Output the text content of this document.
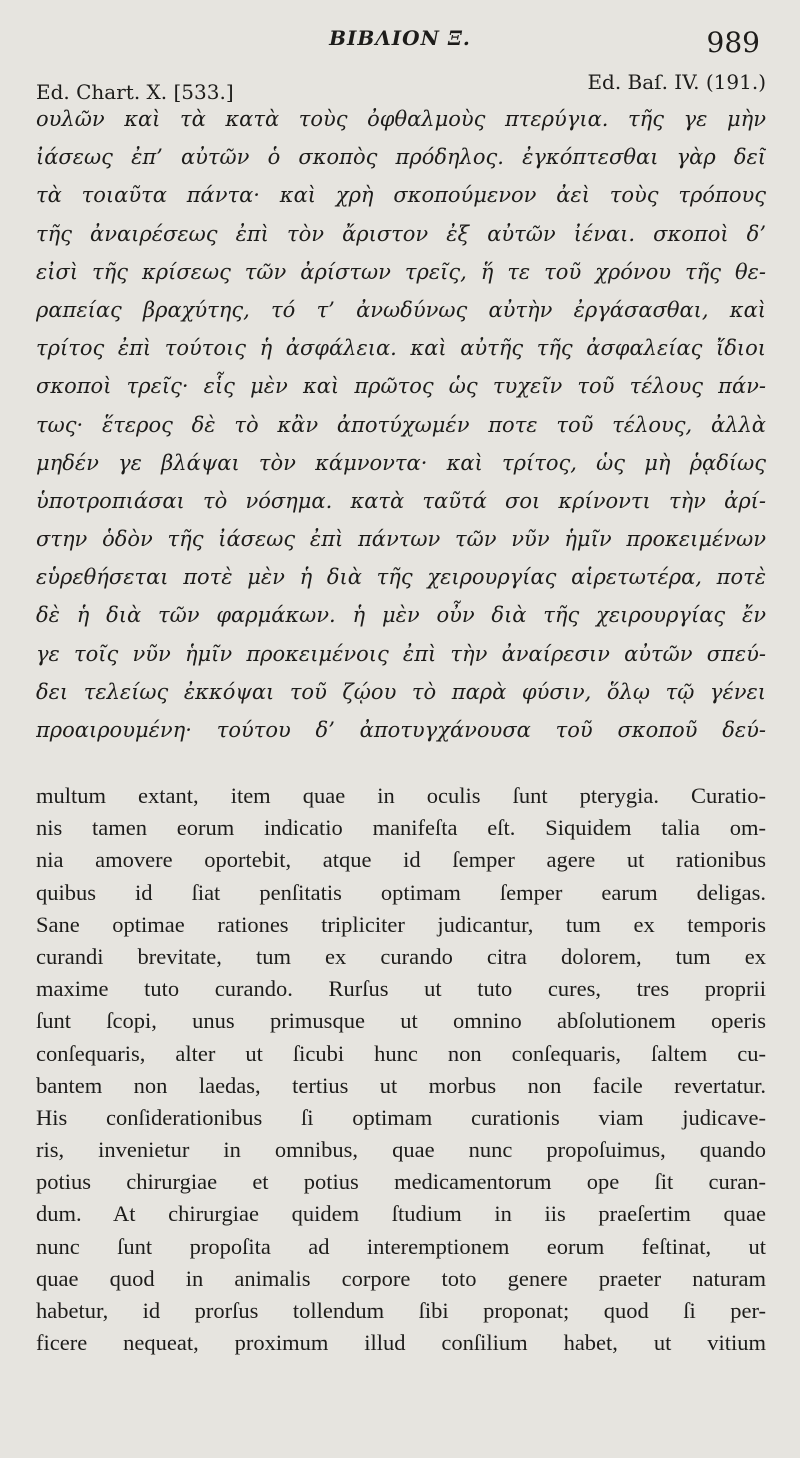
ΒΙΒΛΙΟΝ Ξ.	989
Ed. Chart. X. [533.]	Ed. Baſ. IV. (191.)
ουλῶν καὶ τὰ κατὰ τοὺς ὀφθαλμοὺς πτερύγια. τῆς γε μὴν
ἰάσεως ἐπ’ αὐτῶν ὁ σκοπὸς πρόδηλος. ἐγκόπτεσθαι γὰρ δεῖ
τὰ τοιαῦτα πάντα· καὶ χρὴ σκοπούμενον ἀεὶ τοὺς τρόπους
τῆς ἀναιρέσεως ἐπὶ τὸν ἄριστον ἐξ αὐτῶν ἰέναι. σκοποὶ δ’
εἰσὶ τῆς κρίσεως τῶν ἀρίστων τρεῖς, ἥ τε τοῦ χρόνου τῆς θε-
ραπείας βραχύτης, τό τ’ ἀνωδύνως αὐτὴν ἐργάσασθαι, καὶ
τρίτος ἐπὶ τούτοις ἡ ἀσφάλεια. καὶ αὐτῆς τῆς ἀσφαλείας ἴδιοι
σκοποὶ τρεῖς· εἷς μὲν καὶ πρῶτος ὡς τυχεῖν τοῦ τέλους πάν-
τως· ἕτερος δὲ τὸ κἂν ἀποτύχωμέν ποτε τοῦ τέλους, ἀλλὰ
μηδέν γε βλάψαι τὸν κάμνοντα· καὶ τρίτος, ὡς μὴ ῥᾳδίως
ὑποτροπιάσαι τὸ νόσημα. κατὰ ταῦτά σοι κρίνοντι τὴν ἀρί-
στην ὁδὸν τῆς ἰάσεως ἐπὶ πάντων τῶν νῦν ἡμῖν προκειμένων
εὑρεθήσεται ποτὲ μὲν ἡ διὰ τῆς χειρουργίας αἱρετωτέρα, ποτὲ
δὲ ἡ διὰ τῶν φαρμάκων. ἡ μὲν οὖν διὰ τῆς χειρουργίας ἔν
γε τοῖς νῦν ἡμῖν προκειμένοις ἐπὶ τὴν ἀναίρεσιν αὐτῶν σπεύ-
δει τελείως ἐκκόψαι τοῦ ζῴου τὸ παρὰ φύσιν, ὅλῳ τῷ γένει
προαιρουμένη· τούτου δ’ ἀποτυγχάνουσα τοῦ σκοποῦ δεύ-
multum extant, item quae in oculis ſunt pterygia. Curatio-
nis tamen eorum indicatio manifeſta eſt. Siquidem talia om-
nia amovere oportebit, atque id ſemper agere ut rationibus
quibus id ſiat penſitatis optimam ſemper earum deligas.
Sane optimae rationes tripliciter judicantur, tum ex temporis
curandi brevitate, tum ex curando citra dolorem, tum ex
maxime tuto curando. Rurſus ut tuto cures, tres proprii
ſunt ſcopi, unus primusque ut omnino abſolutionem operis
conſequaris, alter ut ſicubi hunc non conſequaris, ſaltem cu-
bantem non laedas, tertius ut morbus non facile revertatur.
His conſiderationibus ſi optimam curationis viam judicave-
ris, invenietur in omnibus, quae nunc propoſuimus, quando
potius chirurgiae et potius medicamentorum ope ſit curan-
dum. At chirurgiae quidem ſtudium in iis praeſertim quae
nunc ſunt propoſita ad interemptionem eorum feſtinat, ut
quae quod in animalis corpore toto genere praeter naturam
habetur, id prorſus tollendum ſibi proponat; quod ſi per-
ficere nequeat, proximum illud conſilium habet, ut vitium
